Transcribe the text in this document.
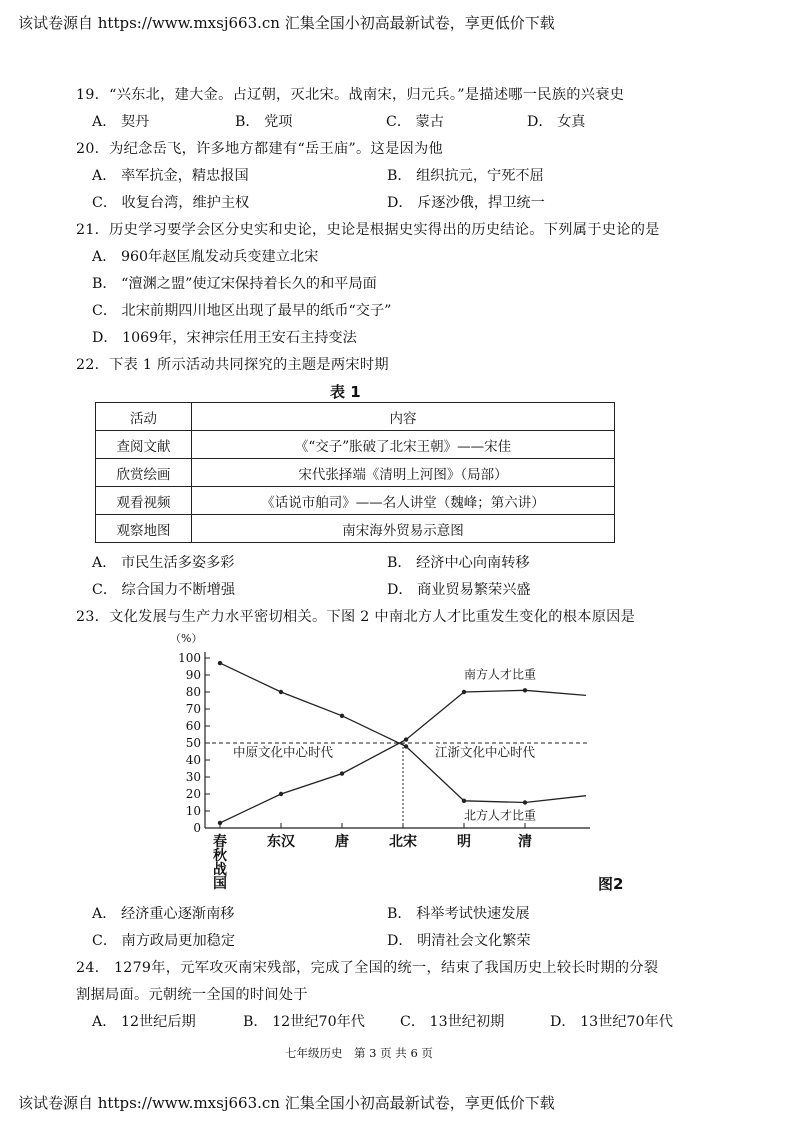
该试卷源自 https://www.mxsj663.cn 汇集全国小初高最新试卷，享更低价下载
19．“兴东北，建大金。占辽朝，灭北宋。战南宋，归元兵。”是描述哪一民族的兴衰史
A． 契丹	B． 党项	C． 蒙古	D． 女真
20．为纪念岳飞，许多地方都建有“岳王庙”。这是因为他
A． 率军抗金，精忠报国	B． 组织抗元，宁死不屈
C． 收复台湾，维护主权	D． 斥逐沙俄，捍卫统一
21．历史学习要学会区分史实和史论，史论是根据史实得出的历史结论。下列属于史论的是
A． 960年赵匡胤发动兵变建立北宋
B． “澶渊之盟”使辽宋保持着长久的和平局面
C． 北宋前期四川地区出现了最早的纸币“交子”
D． 1069年，宋神宗任用王安石主持变法
22．下表 1 所示活动共同探究的主题是两宋时期
表 1
活动	内容
查阅文献	《“交子”胀破了北宋王朝》——宋佳
欣赏绘画	宋代张择端《清明上河图》（局部）
观看视频	《话说市舶司》——名人讲堂（魏峰；第六讲）
观察地图	南宋海外贸易示意图
A． 市民生活多姿多彩	B． 经济中心向南转移
C． 综合国力不断增强	D． 商业贸易繁荣兴盛
23．文化发展与生产力水平密切相关。下图 2 中南北方人才比重发生变化的根本原因是
0
10
20
30
40
50
60
70
80
90
100
（%）
春
秋
战
国
东汉	唐	北宋	明	清
南方人才比重
北方人才比重
中原文化中心时代	江浙文化中心时代
图2
A． 经济重心逐渐南移	B． 科举考试快速发展
C． 南方政局更加稳定	D． 明清社会文化繁荣
24.　1279年，元军攻灭南宋残部，完成了全国的统一，结束了我国历史上较长时期的分裂
割据局面。元朝统一全国的时间处于
A． 12世纪后期	B． 12世纪70年代 C． 13世纪初期	D． 13世纪70年代
七年级历史　第 3 页 共 6 页
该试卷源自 https://www.mxsj663.cn 汇集全国小初高最新试卷，享更低价下载
